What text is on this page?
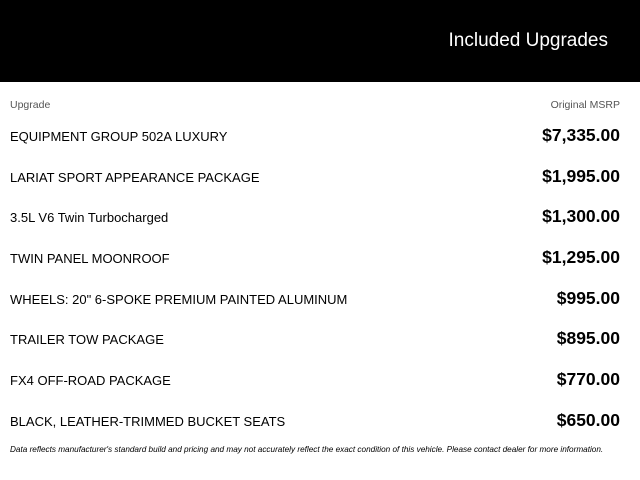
Included Upgrades
Upgrade	Original MSRP
EQUIPMENT GROUP 502A LUXURY	$7,335.00
LARIAT SPORT APPEARANCE PACKAGE	$1,995.00
3.5L V6 Twin Turbocharged	$1,300.00
TWIN PANEL MOONROOF	$1,295.00
WHEELS: 20" 6-SPOKE PREMIUM PAINTED ALUMINUM	$995.00
TRAILER TOW PACKAGE	$895.00
FX4 OFF-ROAD PACKAGE	$770.00
BLACK, LEATHER-TRIMMED BUCKET SEATS	$650.00
Data reflects manufacturer's standard build and pricing and may not accurately reflect the exact condition of this vehicle. Please contact dealer for more information.
